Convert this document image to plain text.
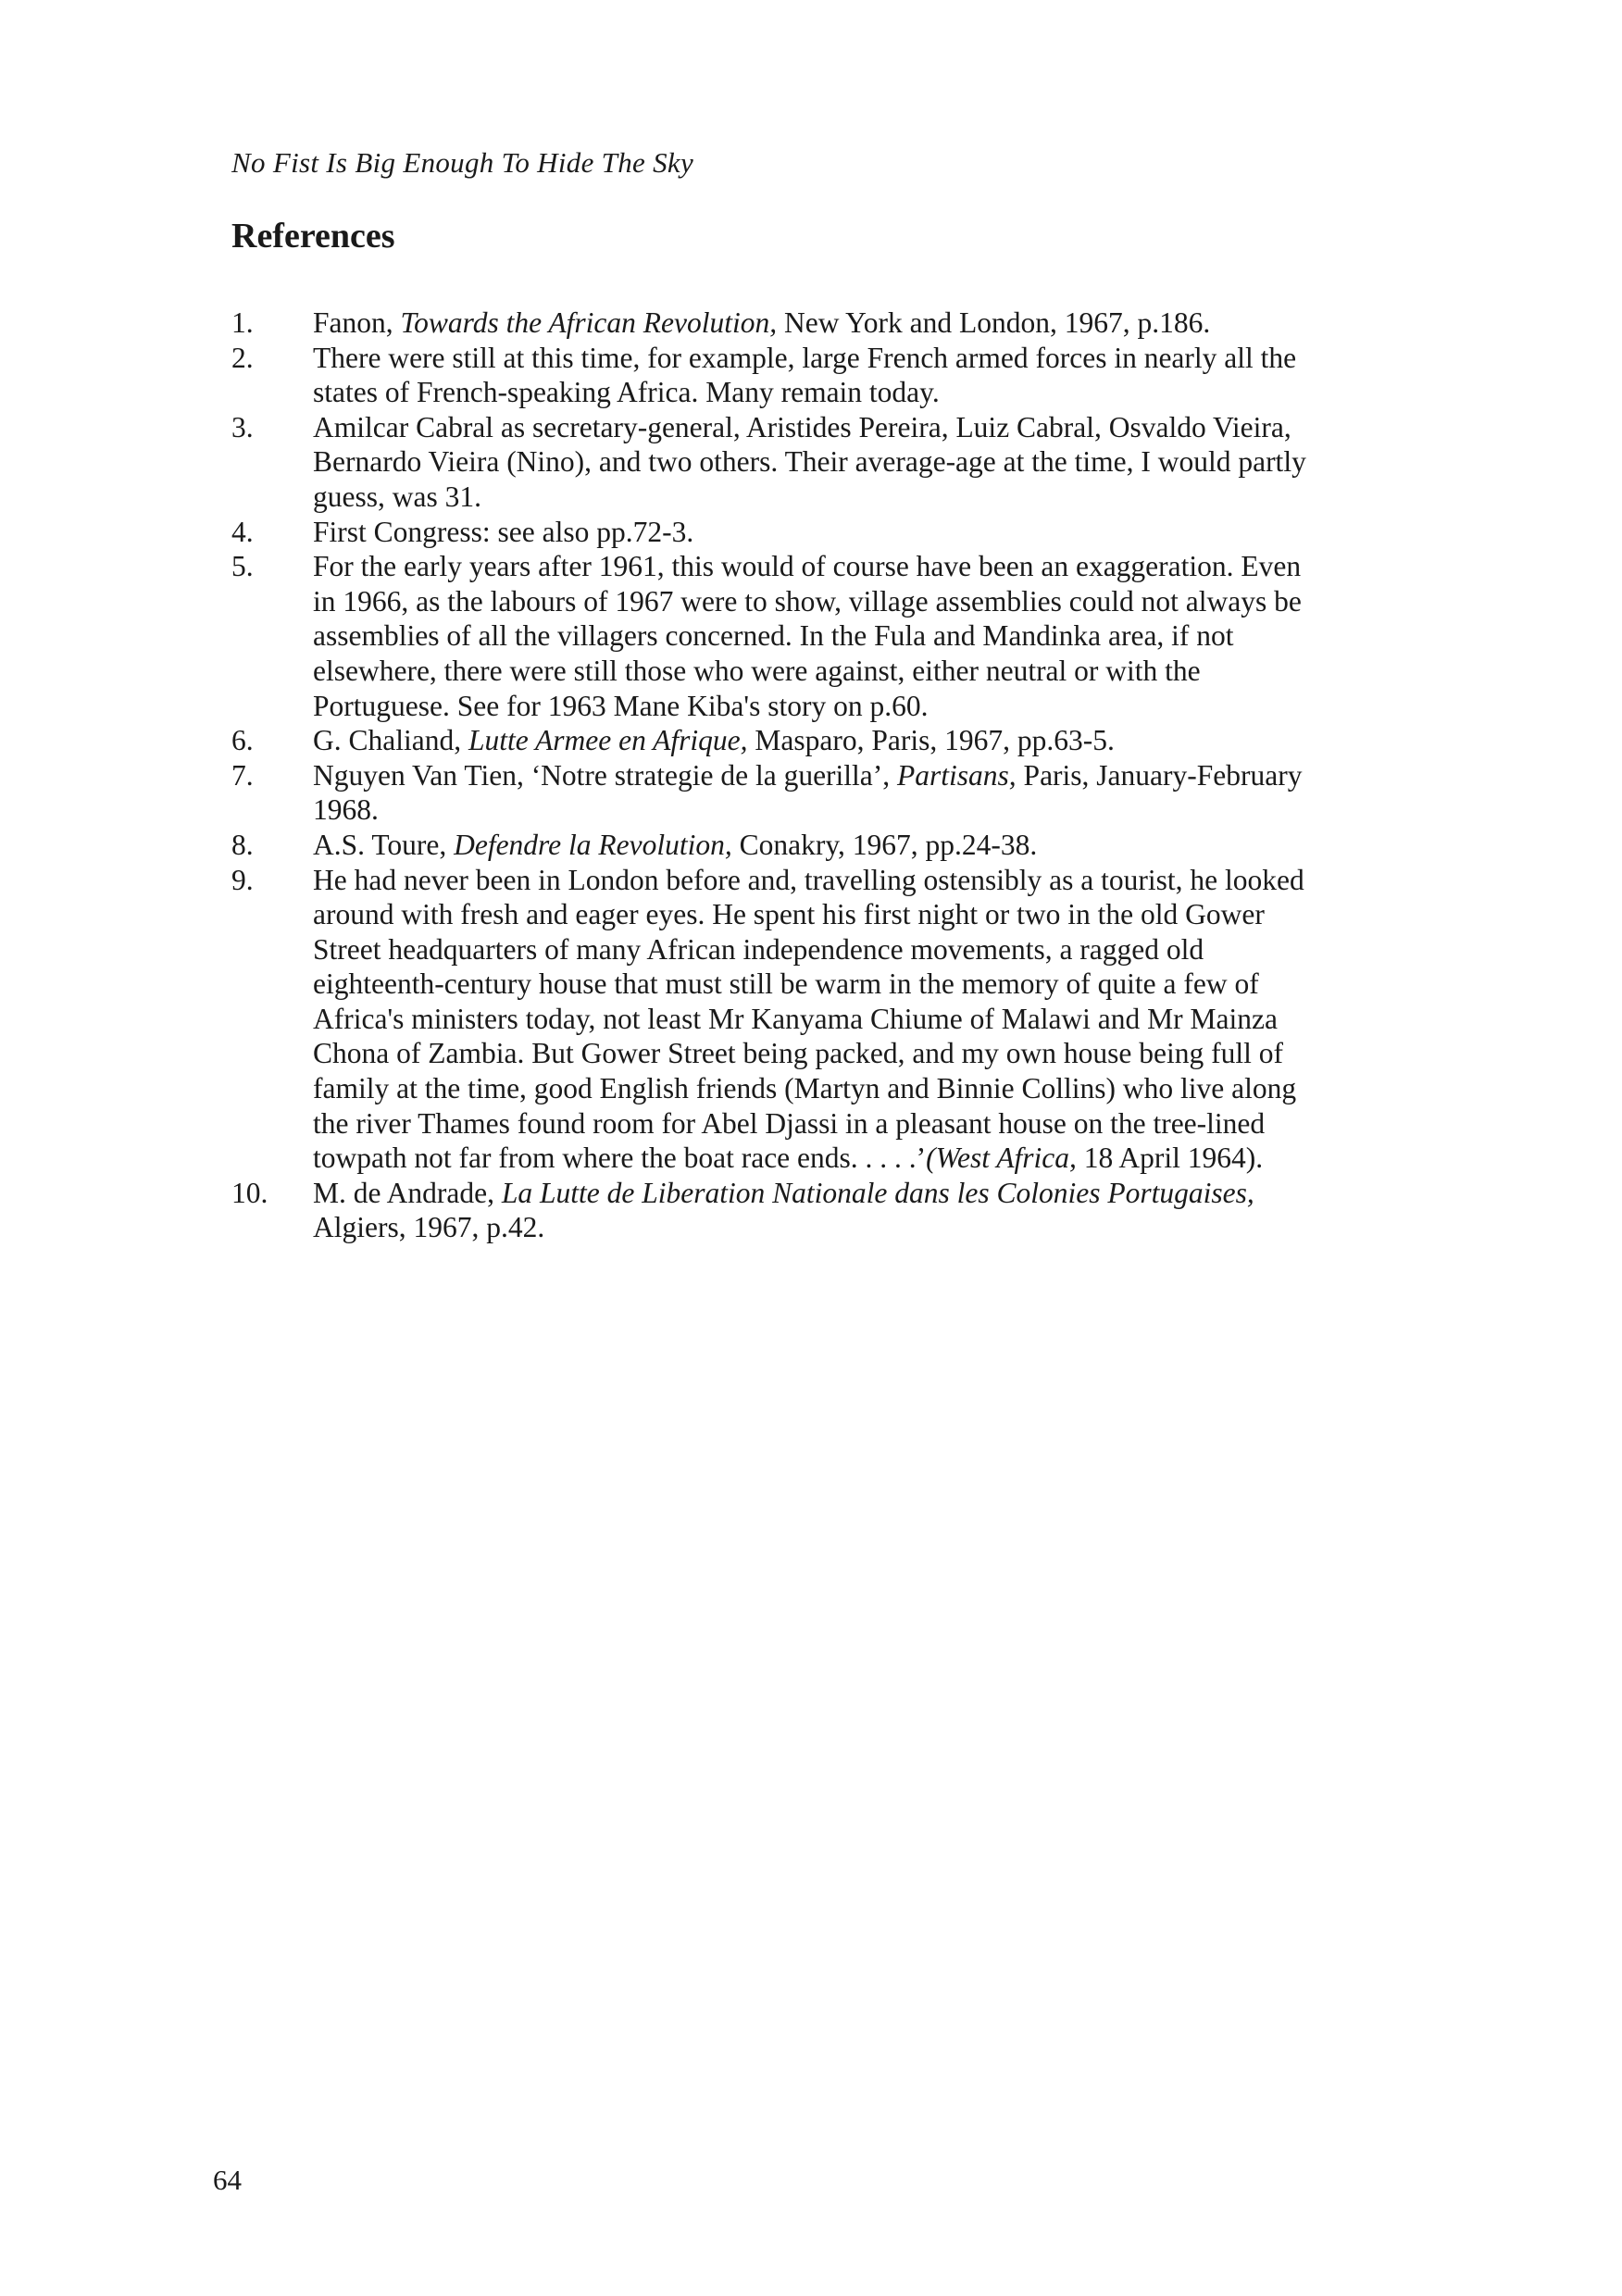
No Fist Is Big Enough To Hide The Sky
References
1.	Fanon, Towards the African Revolution, New York and London, 1967, p.186.
2.	There were still at this time, for example, large French armed forces in nearly all the states of French-speaking Africa. Many remain today.
3.	Amilcar Cabral as secretary-general, Aristides Pereira, Luiz Cabral, Osvaldo Vieira, Bernardo Vieira (Nino), and two others. Their average-age at the time, I would partly guess, was 31.
4.	First Congress: see also pp.72-3.
5.	For the early years after 1961, this would of course have been an exaggeration. Even in 1966, as the labours of 1967 were to show, village assemblies could not always be assemblies of all the villagers concerned. In the Fula and Mandinka area, if not elsewhere, there were still those who were against, either neutral or with the Portuguese. See for 1963 Mane Kiba's story on p.60.
6.	G. Chaliand, Lutte Armee en Afrique, Masparo, Paris, 1967, pp.63-5.
7.	Nguyen Van Tien, ‘Notre strategie de la guerilla’, Partisans, Paris, January-February 1968.
8.	A.S. Toure, Defendre la Revolution, Conakry, 1967, pp.24-38.
9.	He had never been in London before and, travelling ostensibly as a tourist, he looked around with fresh and eager eyes. He spent his first night or two in the old Gower Street headquarters of many African independence movements, a ragged old eighteenth-century house that must still be warm in the memory of quite a few of Africa's ministers today, not least Mr Kanyama Chiume of Malawi and Mr Mainza Chona of Zambia. But Gower Street being packed, and my own house being full of family at the time, good English friends (Martyn and Binnie Collins) who live along the river Thames found room for Abel Djassi in a pleasant house on the tree-lined towpath not far from where the boat race ends. . . . .’(West Africa, 18 April 1964).
10.	M. de Andrade, La Lutte de Liberation Nationale dans les Colonies Portugaises, Algiers, 1967, p.42.
64
